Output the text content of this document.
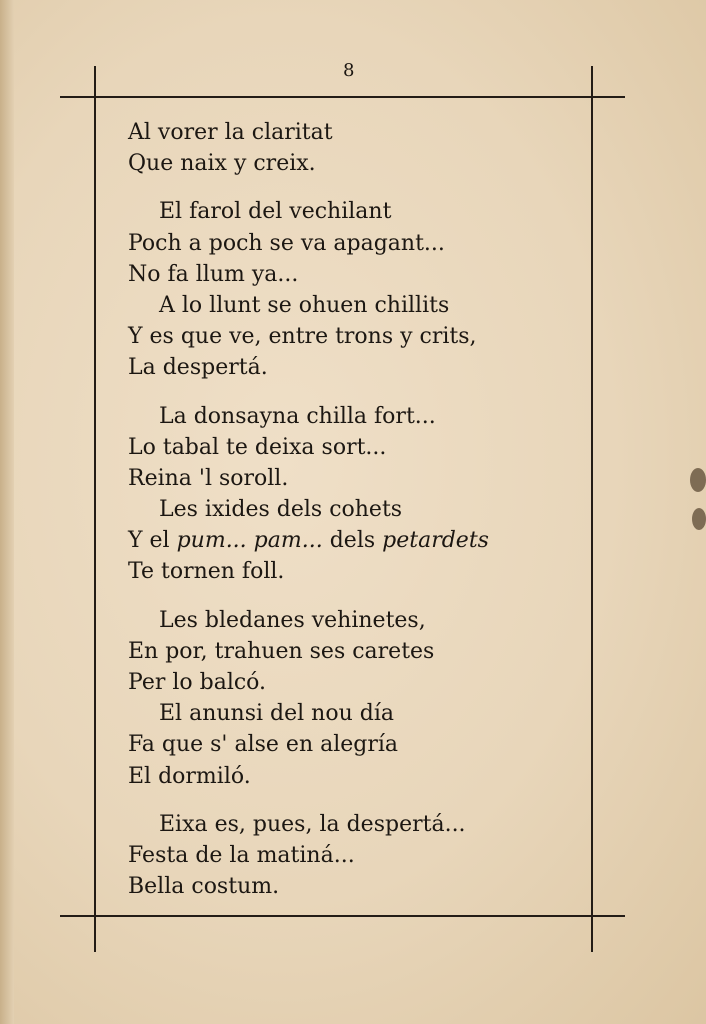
8
Al vorer la claritat
Que naix y creix.
El farol del vechilant
Poch a poch se va apagant...
No fa llum ya...
A lo llunt se ohuen chillits
Y es que ve, entre trons y crits,
La despertá.
La donsayna chilla fort...
Lo tabal te deixa sort...
Reina 'l soroll.
Les ixides dels cohets
Y el pum... pam... dels petardets
Te tornen foll.
Les bledanes vehinetes,
En por, trahuen ses caretes
Per lo balcó.
El anunsi del nou día
Fa que s' alse en alegría
El dormiló.
Eixa es, pues, la despertá...
Festa de la matiná...
Bella costum.
